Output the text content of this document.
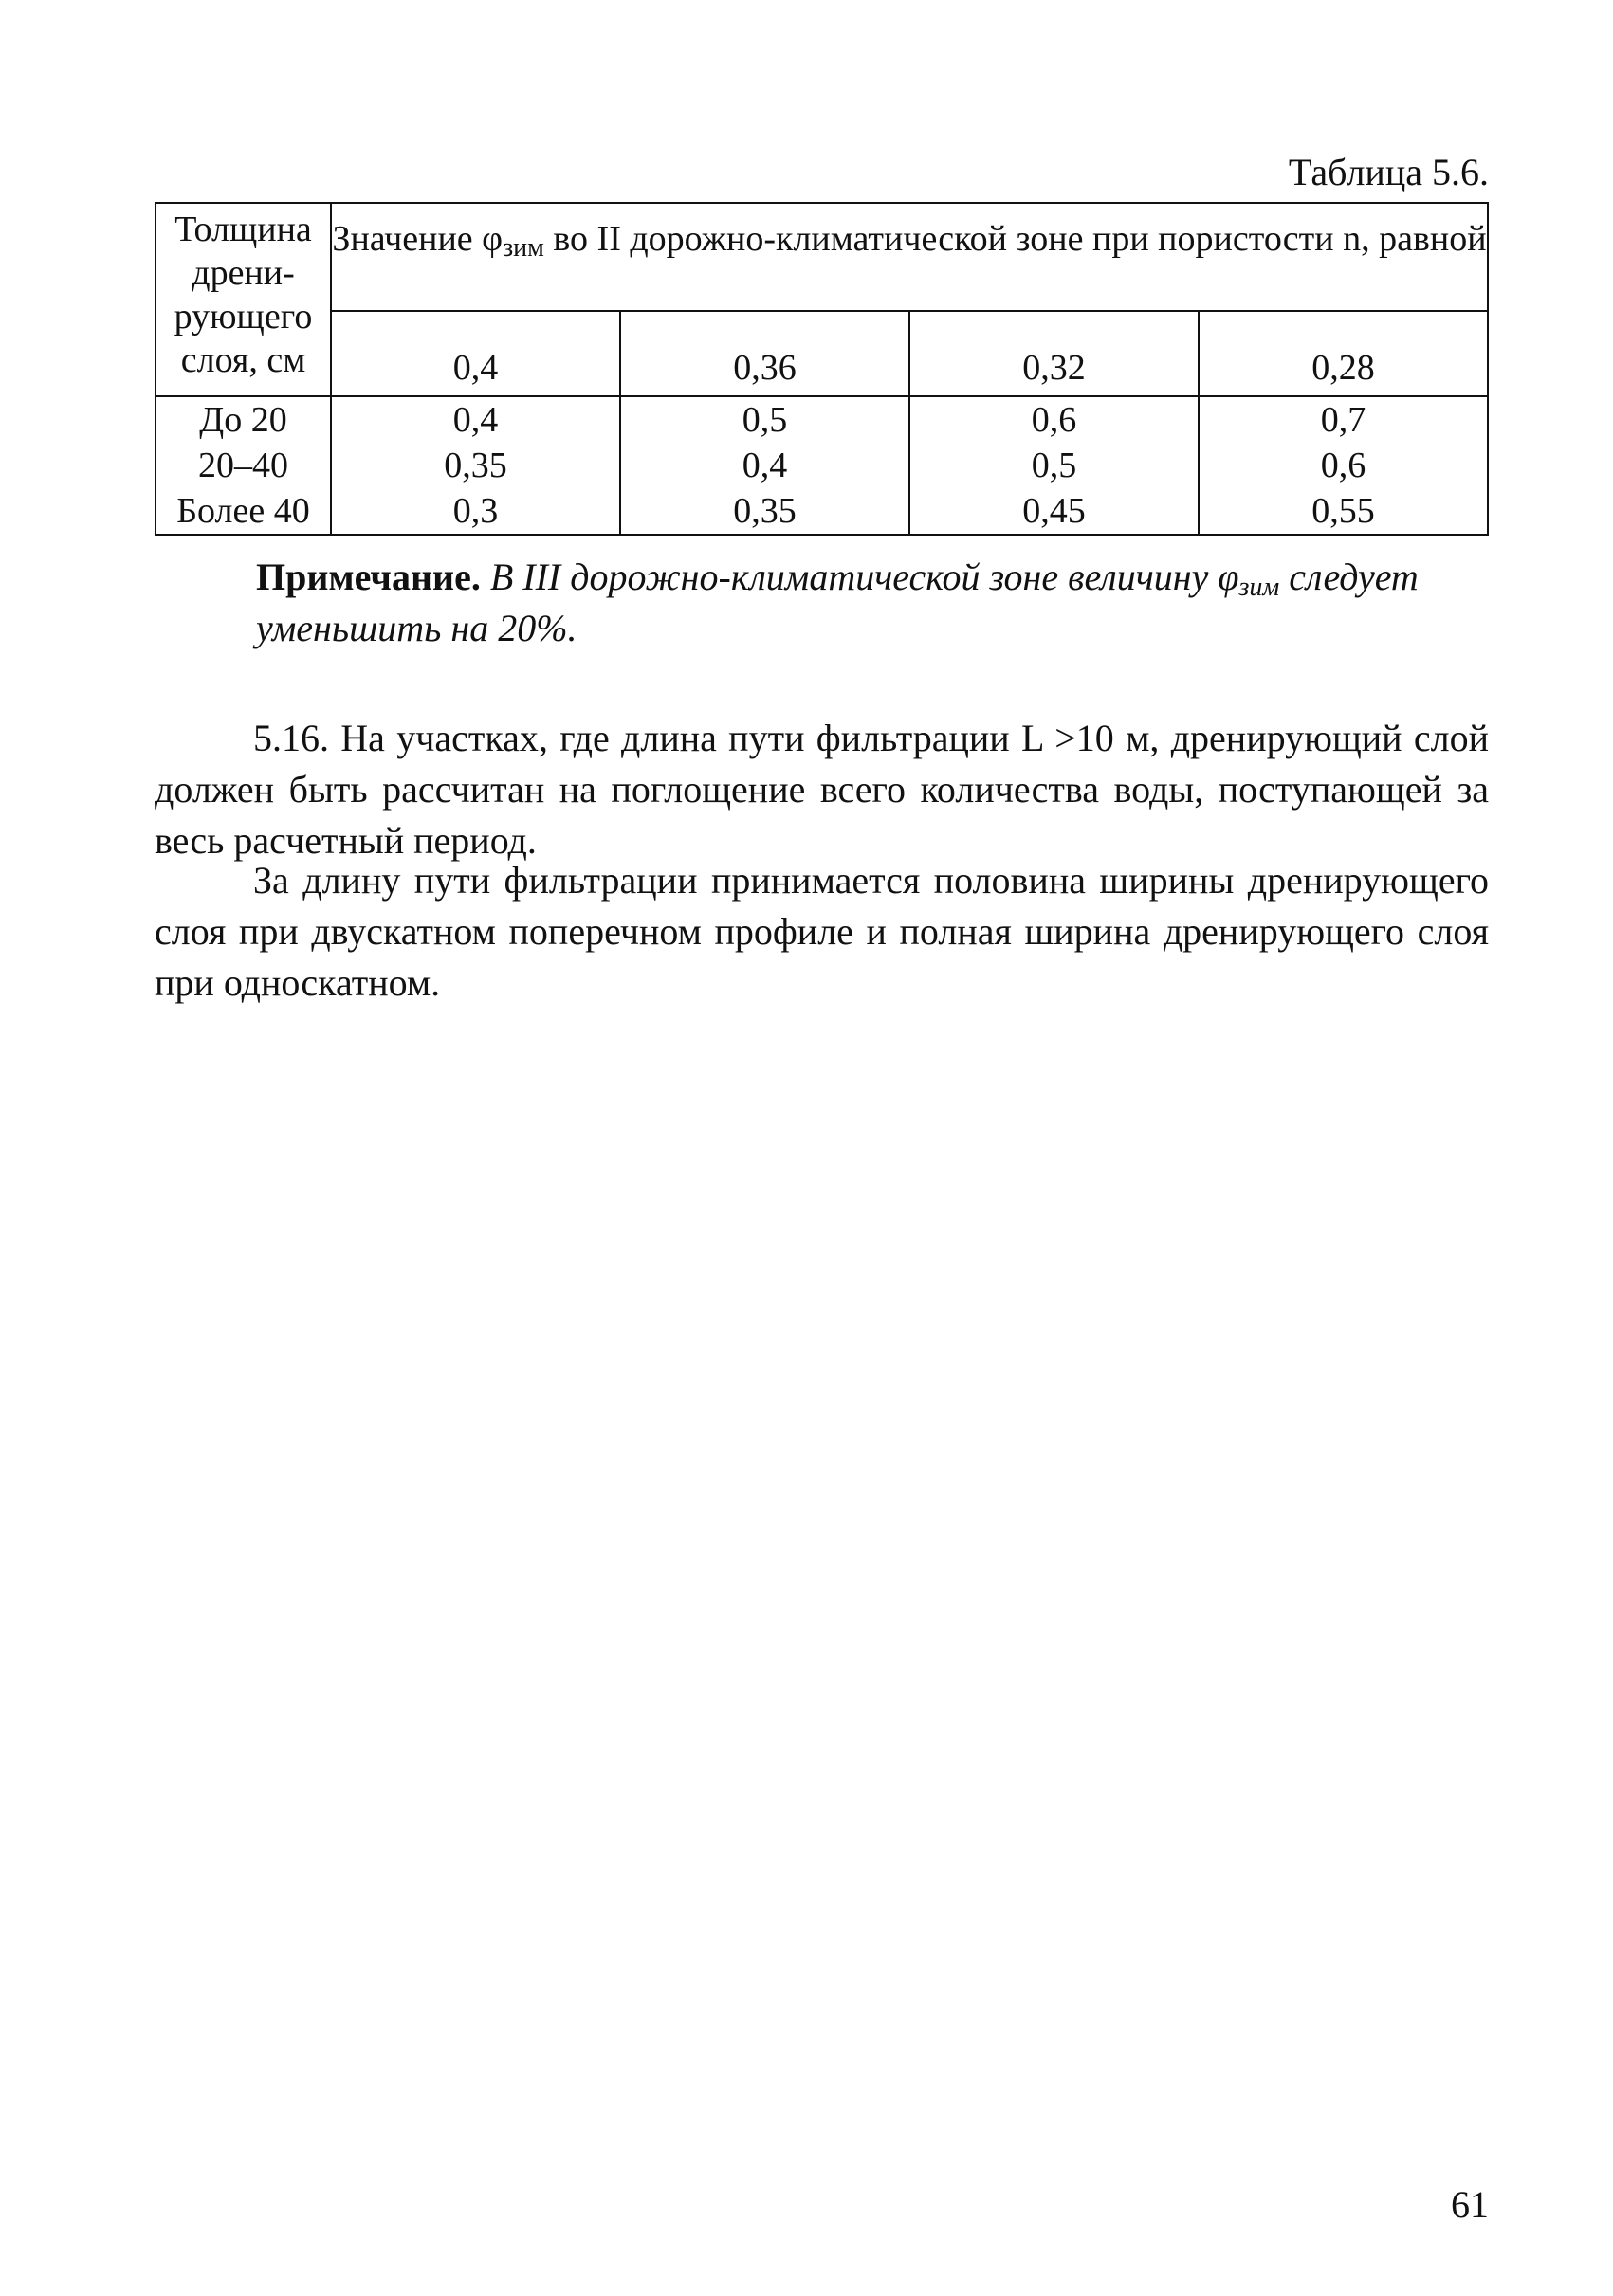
Таблица 5.6.
Толщина дрени- рующего слоя, см	Значение $\varphi_{зим}$ во II дорожно-климатической зоне при пористости n, равной			
	0,4	0,36	0,32	0,28
До 20	0,4	0,5	0,6	0,7
20–40	0,35	0,4	0,5	0,6
Более 40	0,3	0,35	0,45	0,55
Примечание. В III дорожно-климатической зоне величину $\varphi_{зим}$ следует уменьшить на 20%.

5.16. На участках, где длина пути фильтрации L >10 м, дренирующий слой должен быть рассчитан на поглощение всего количества воды, поступающей за весь расчетный период.

За длину пути фильтрации принимается половина ширины дренирующего слоя при двускатном поперечном профиле и полная ширина дренирующего слоя при односкатном.

61
